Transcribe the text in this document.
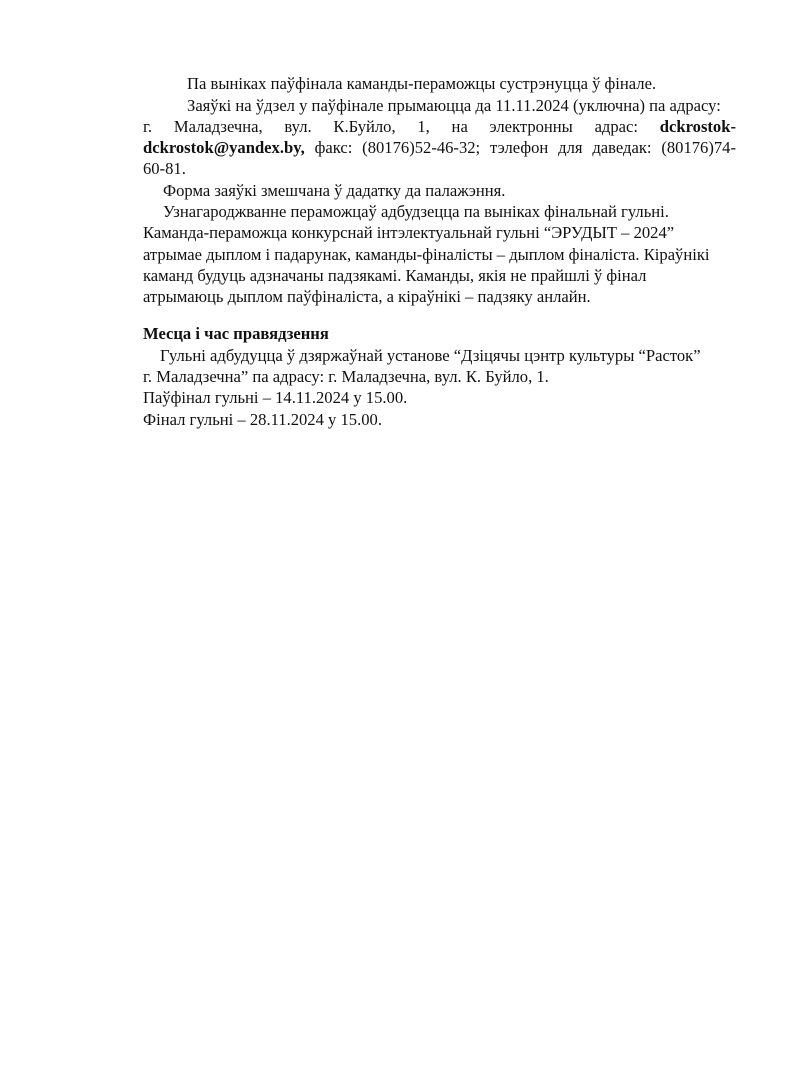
Па выніках паўфінала каманды-пераможцы сустрэнуцца ў фінале.
Заяўкі на ўдзел у паўфінале прымаюцца да 11.11.2024 (уключна) па адрасу:
г. Маладзечна, вул. К.Буйло, 1, на электронны адрас: dckrostok-
dckrostok@yandex.by, факс: (80176)52-46-32; тэлефон для даведак: (80176)74-
60-81.
Форма заяўкі змешчана ў дадатку да палажэння.
Узнагароджванне пераможцаў адбудзецца па выніках фінальнай гульні.
Каманда-пераможца конкурснай інтэлектуальнай гульні “ЭРУДЫТ – 2024”
атрымае дыплом і падарунак, каманды-фіналісты – дыплом фіналіста. Кіраўнікі
каманд будуць адзначаны падзякамі. Каманды, якія не прайшлі ў фінал
атрымаюць дыплом паўфіналіста, а кіраўнікі – падзяку анлайн.
Месца і час правядзення
Гульні адбудуцца ў дзяржаўнай установе “Дзіцячы цэнтр культуры “Расток”
г. Маладзечна” па адрасу: г. Маладзечна, вул. К. Буйло, 1.
Паўфінал гульні – 14.11.2024 у 15.00.
Фінал гульні – 28.11.2024 у 15.00.
